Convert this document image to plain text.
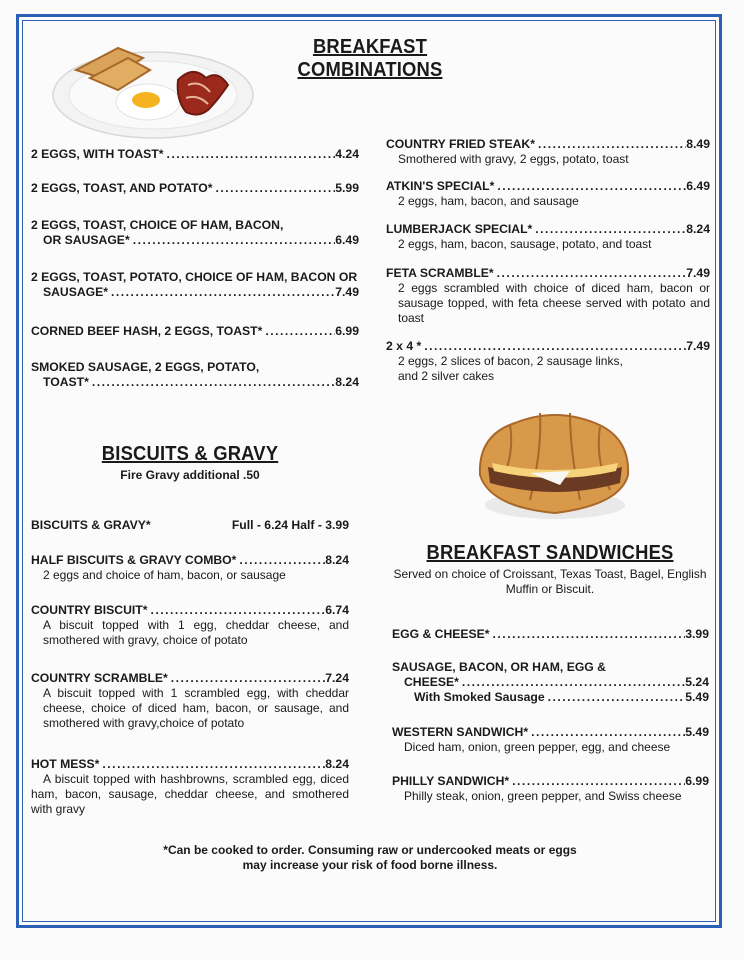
BREAKFAST
COMBINATIONS
2 EGGS, WITH TOAST* .....	4.24
2 EGGS, TOAST, AND POTATO* .....	5.99
2 EGGS, TOAST, CHOICE OF HAM, BACON,
OR SAUSAGE* .....	6.49
2 EGGS, TOAST, POTATO, CHOICE OF HAM, BACON OR
SAUSAGE* .....	7.49
CORNED BEEF HASH, 2 EGGS, TOAST* .....	6.99
SMOKED SAUSAGE, 2 EGGS, POTATO,
TOAST* .....	8.24
COUNTRY FRIED STEAK* .....	8.49
Smothered with gravy, 2 eggs, potato, toast
ATKIN'S SPECIAL* .....	6.49
2 eggs, ham, bacon, and sausage
LUMBERJACK SPECIAL* .....	8.24
2 eggs, ham, bacon, sausage, potato, and toast
FETA SCRAMBLE* .....	7.49
2 eggs scrambled with choice of diced ham, bacon or sausage topped, with feta cheese served with potato and toast
2 x 4 * .....	7.49
2 eggs, 2 slices of bacon, 2 sausage links,
and 2 silver cakes
BISCUITS & GRAVY
Fire Gravy additional .50
BISCUITS & GRAVY*	Full - 6.24 Half - 3.99
HALF BISCUITS & GRAVY COMBO* .....	8.24
2 eggs and choice of ham, bacon, or sausage
COUNTRY BISCUIT* .....	6.74
A biscuit topped with 1 egg, cheddar cheese, and smothered with gravy, choice of potato
COUNTRY SCRAMBLE* .....	7.24
A biscuit topped with 1 scrambled egg, with cheddar cheese, choice of diced ham, bacon, or sausage, and smothered with gravy,choice of potato
HOT MESS* .....	8.24
A biscuit topped with hashbrowns, scrambled egg, diced ham, bacon, sausage, cheddar cheese, and smothered with gravy
BREAKFAST SANDWICHES
Served on choice of Croissant, Texas Toast, Bagel, English
Muffin or Biscuit.
EGG & CHEESE* .....	3.99
SAUSAGE, BACON, OR HAM, EGG &
CHEESE* .....	5.24
With Smoked Sausage .....	5.49
WESTERN SANDWICH* .....	5.49
Diced ham, onion, green pepper, egg, and cheese
PHILLY SANDWICH* .....	6.99
Philly steak, onion, green pepper, and Swiss cheese
*Can be cooked to order. Consuming raw or undercooked meats or eggs
may increase your risk of food borne illness.
